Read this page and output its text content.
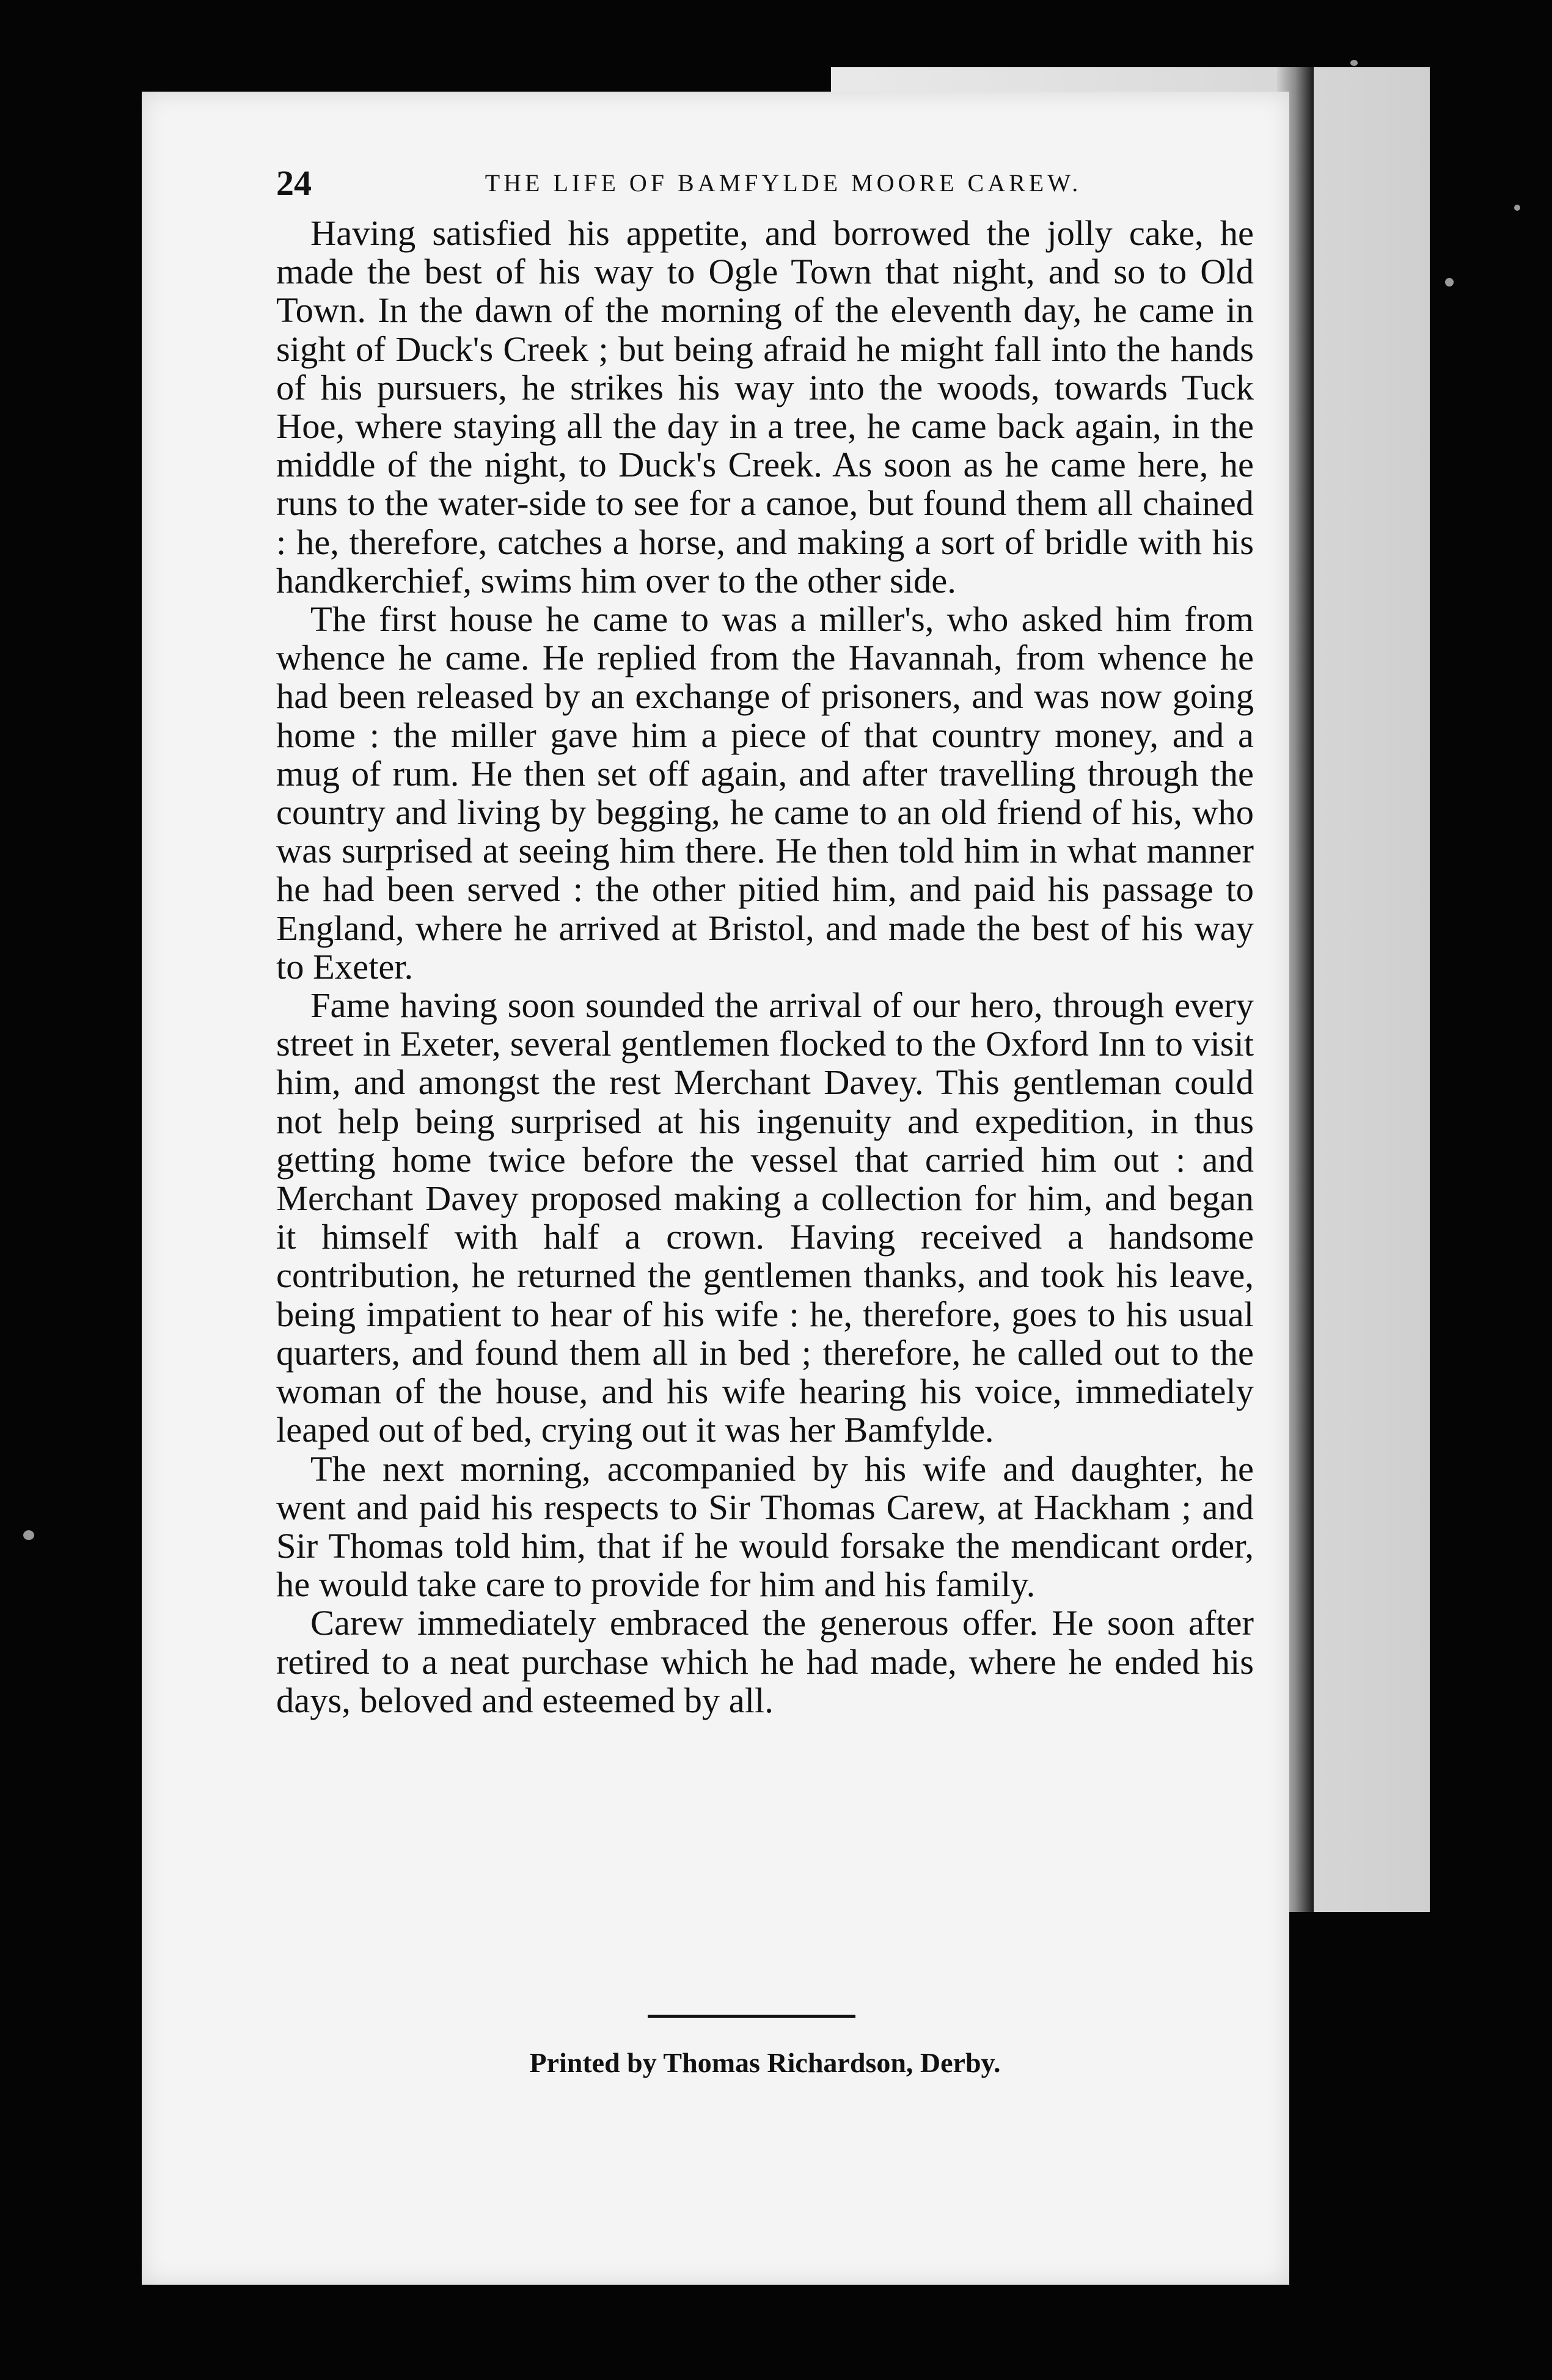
24	THE LIFE OF BAMFYLDE MOORE CAREW.

Having satisfied his appetite, and borrowed the jolly cake, he made the best of his way to Ogle Town that night, and so to Old Town. In the dawn of the morning of the eleventh day, he came in sight of Duck's Creek ; but being afraid he might fall into the hands of his pursuers, he strikes his way into the woods, towards Tuck Hoe, where staying all the day in a tree, he came back again, in the middle of the night, to Duck's Creek. As soon as he came here, he runs to the water-side to see for a canoe, but found them all chained : he, therefore, catches a horse, and making a sort of bridle with his handkerchief, swims him over to the other side.

The first house he came to was a miller's, who asked him from whence he came. He replied from the Havannah, from whence he had been released by an exchange of prisoners, and was now going home : the miller gave him a piece of that country money, and a mug of rum. He then set off again, and after travelling through the country and living by begging, he came to an old friend of his, who was surprised at seeing him there. He then told him in what manner he had been served : the other pitied him, and paid his passage to England, where he arrived at Bristol, and made the best of his way to Exeter.

Fame having soon sounded the arrival of our hero, through every street in Exeter, several gentlemen flocked to the Oxford Inn to visit him, and amongst the rest Merchant Davey. This gentleman could not help being surprised at his ingenuity and expedition, in thus getting home twice before the vessel that carried him out : and Merchant Davey proposed making a collection for him, and began it himself with half a crown. Having received a handsome contribution, he returned the gentlemen thanks, and took his leave, being impatient to hear of his wife : he, therefore, goes to his usual quarters, and found them all in bed ; therefore, he called out to the woman of the house, and his wife hearing his voice, immediately leaped out of bed, crying out it was her Bamfylde.

The next morning, accompanied by his wife and daughter, he went and paid his respects to Sir Thomas Carew, at Hackham ; and Sir Thomas told him, that if he would forsake the mendicant order, he would take care to provide for him and his family.

Carew immediately embraced the generous offer. He soon after retired to a neat purchase which he had made, where he ended his days, beloved and esteemed by all.

Printed by Thomas Richardson, Derby.
